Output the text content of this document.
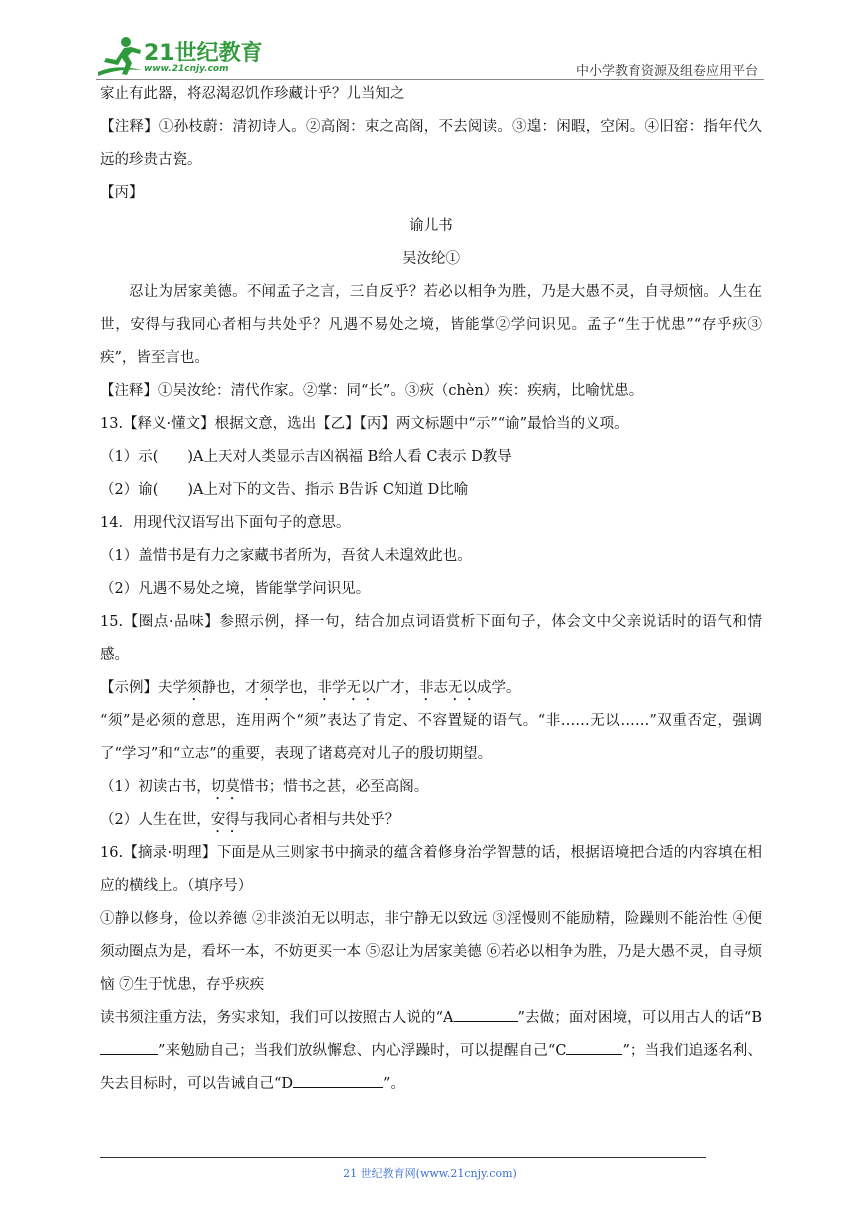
21世纪教育
www.21cnjy.com	中小学教育资源及组卷应用平台

家止有此器，将忍渴忍饥作珍藏计乎？儿当知之

【注释】①孙枝蔚：清初诗人。②高阁：束之高阁，不去阅读。③遑：闲暇，空闲。④旧窑：指年代久远的珍贵古瓷。

【丙】

谕儿书

吴汝纶①

忍让为居家美德。不闻孟子之言，三自反乎？若必以相争为胜，乃是大愚不灵，自寻烦恼。人生在世，安得与我同心者相与共处乎？凡遇不易处之境，皆能掌②学问识见。孟子“生于忧患”“存乎疢③疾”，皆至言也。

【注释】①吴汝纶：清代作家。②掌：同“长”。③疢（chèn）疾：疾病，比喻忧患。

13.【释义·懂文】根据文意，选出【乙】【丙】两文标题中“示”“谕”最恰当的义项。

（1）示(　　)A上天对人类显示吉凶祸福 B给人看 C表示 D教导

（2）谕(　　)A上对下的文告、指示 B告诉 C知道 D比喻

14．用现代汉语写出下面句子的意思。

（1）盖惜书是有力之家藏书者所为，吾贫人未遑效此也。

（2）凡遇不易处之境，皆能掌学问识见。

15.【圈点·品味】参照示例，择一句，结合加点词语赏析下面句子，体会文中父亲说话时的语气和情感。

【示例】夫学须静也，才须学也，非学无以广才，非志无以成学。

“须”是必须的意思，连用两个“须”表达了肯定、不容置疑的语气。“非……无以……”双重否定，强调了“学习”和“立志”的重要，表现了诸葛亮对儿子的殷切期望。

（1）初读古书，切莫惜书；惜书之甚，必至高阁。

（2）人生在世，安得与我同心者相与共处乎？

16.【摘录·明理】下面是从三则家书中摘录的蕴含着修身治学智慧的话，根据语境把合适的内容填在相应的横线上。（填序号）

①静以修身，俭以养德 ②非淡泊无以明志，非宁静无以致远 ③淫慢则不能励精，险躁则不能治性 ④便须动圈点为是，看坏一本，不妨更买一本 ⑤忍让为居家美德 ⑥若必以相争为胜，乃是大愚不灵，自寻烦恼 ⑦生于忧患，存乎疢疾

读书须注重方法，务实求知，我们可以按照古人说的“A	”去做；面对困境，可以用古人的话“B”来勉励自己；当我们放纵懈怠、内心浮躁时，可以提醒自己“C	”；当我们追逐名利、失去目标时，可以告诫自己“D	”。

21 世纪教育网(www.21cnjy.com)
